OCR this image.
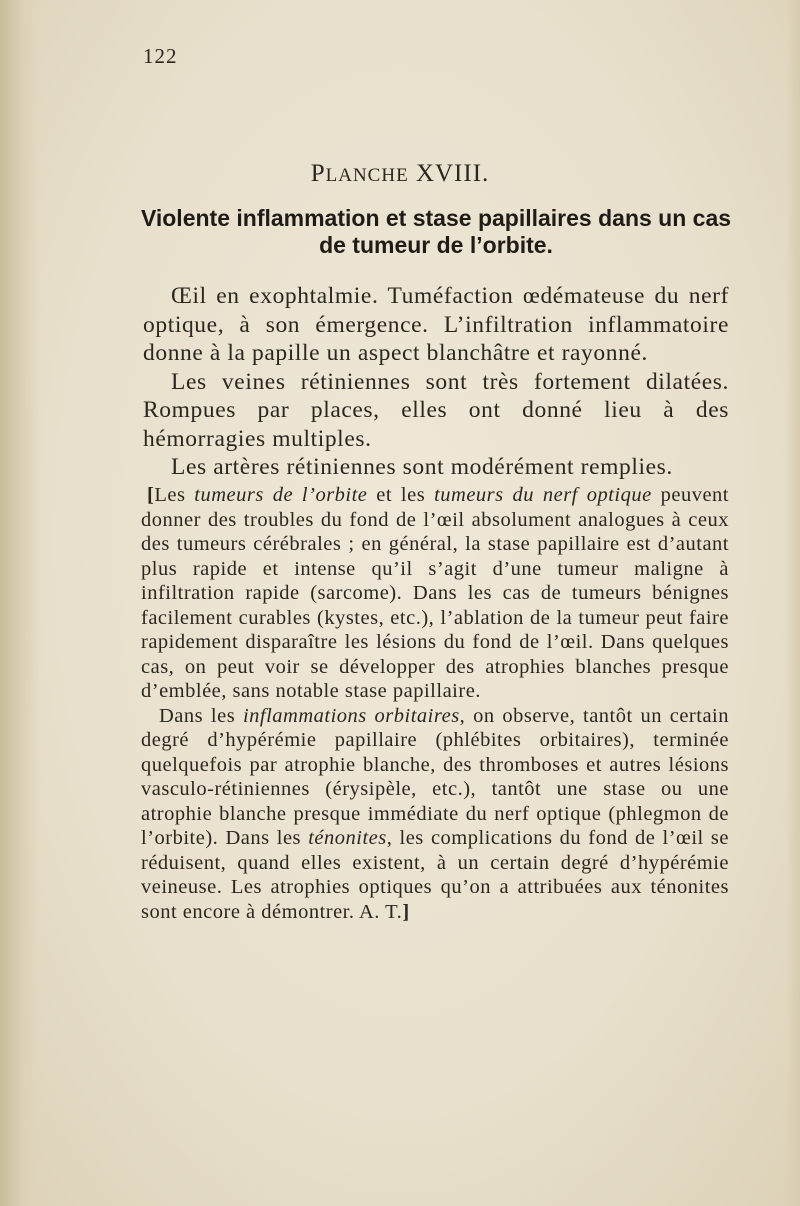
122
PLANCHE XVIII.
Violente inflammation et stase papillaires dans un cas
de tumeur de l’orbite.

Œil en exophtalmie. Tuméfaction œdémateuse du nerf optique, à son émergence. L’infiltration inflammatoire donne à la papille un aspect blanchâtre et rayonné.

Les veines rétiniennes sont très fortement dilatées. Rompues par places, elles ont donné lieu à des hémorragies multiples.

Les artères rétiniennes sont modérément remplies.

[Les tumeurs de l’orbite et les tumeurs du nerf optique peuvent donner des troubles du fond de l’œil absolument analogues à ceux des tumeurs cérébrales ; en général, la stase papillaire est d’autant plus rapide et intense qu’il s’agit d’une tumeur maligne à infiltration rapide (sarcome). Dans les cas de tumeurs bénignes facilement curables (kystes, etc.), l’ablation de la tumeur peut faire rapidement disparaître les lésions du fond de l’œil. Dans quelques cas, on peut voir se développer des atrophies blanches presque d’emblée, sans notable stase papillaire.

Dans les inflammations orbitaires, on observe, tantôt un certain degré d’hypérémie papillaire (phlébites orbitaires), terminée quelquefois par atrophie blanche, des thromboses et autres lésions vasculo-rétiniennes (érysipèle, etc.), tantôt une stase ou une atrophie blanche presque immédiate du nerf optique (phlegmon de l’orbite). Dans les ténonites, les complications du fond de l’œil se réduisent, quand elles existent, à un certain degré d’hypérémie veineuse. Les atrophies optiques qu’on a attribuées aux ténonites sont encore à démontrer. A. T.]
